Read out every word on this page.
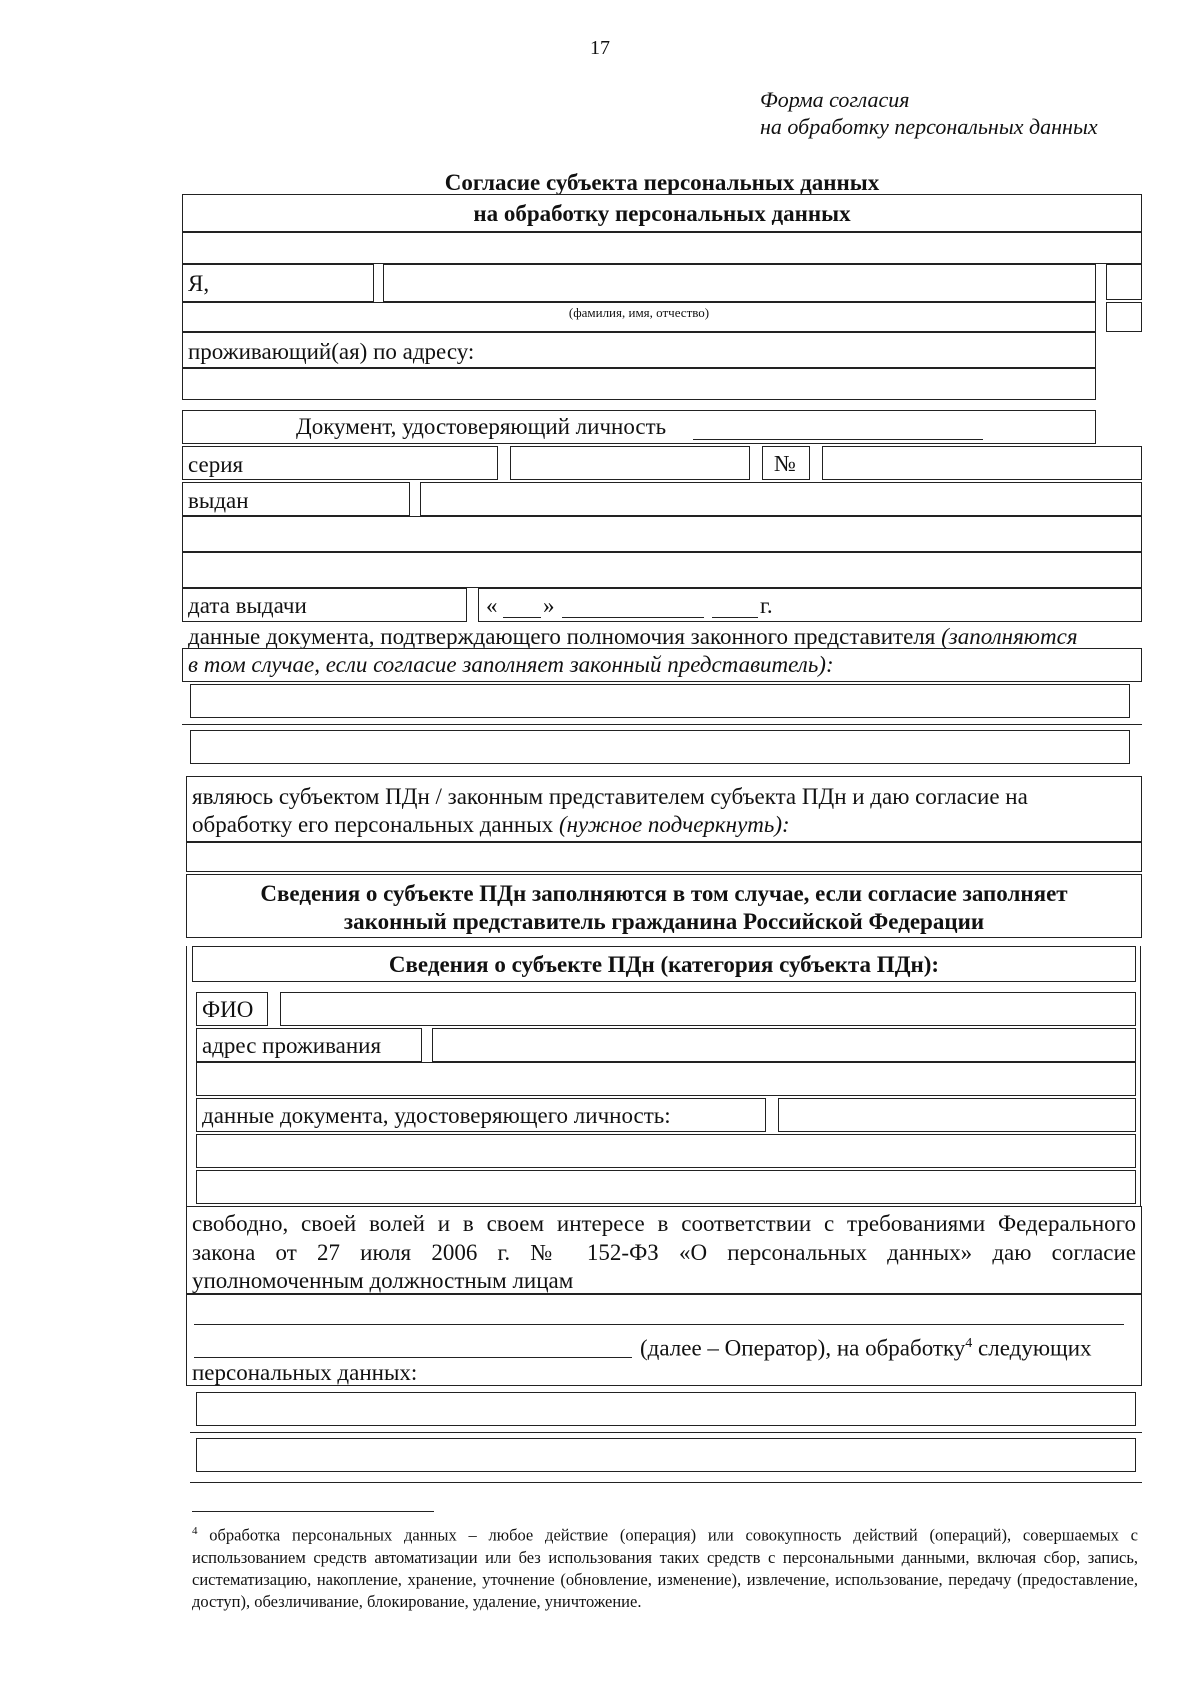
17
Форма согласия
на обработку персональных данных
Согласие субъекта персональных данных
на обработку персональных данных
Я,
(фамилия, имя, отчество)
проживающий(ая) по адресу:
Документ, удостоверяющий личность
серия	№
выдан
дата выдачи	« »	г.
данные документа, подтверждающего полномочия законного представителя (заполняются
в том случае, если согласие заполняет законный представитель):
являюсь субъектом ПДн / законным представителем субъекта ПДн и даю согласие на
обработку его персональных данных (нужное подчеркнуть):
Сведения о субъекте ПДн заполняются в том случае, если согласие заполняет
законный представитель гражданина Российской Федерации
Сведения о субъекте ПДн (категория субъекта ПДн):
ФИО
адрес проживания
данные документа, удостоверяющего личность:
свободно, своей волей и в своем интересе в соответствии с требованиями Федерального
закона от 27 июля 2006 г. № 152-ФЗ «О персональных данных» даю согласие
уполномоченным должностным лицам
(далее – Оператор), на обработку$^4$ следующих
персональных данных:
$^4$ обработка персональных данных – любое действие (операция) или совокупность действий (операций), совершаемых с использованием средств автоматизации или без использования таких средств с персональными данными, включая сбор, запись, систематизацию, накопление, хранение, уточнение (обновление, изменение), извлечение, использование, передачу (предоставление, доступ), обезличивание, блокирование, удаление, уничтожение.
